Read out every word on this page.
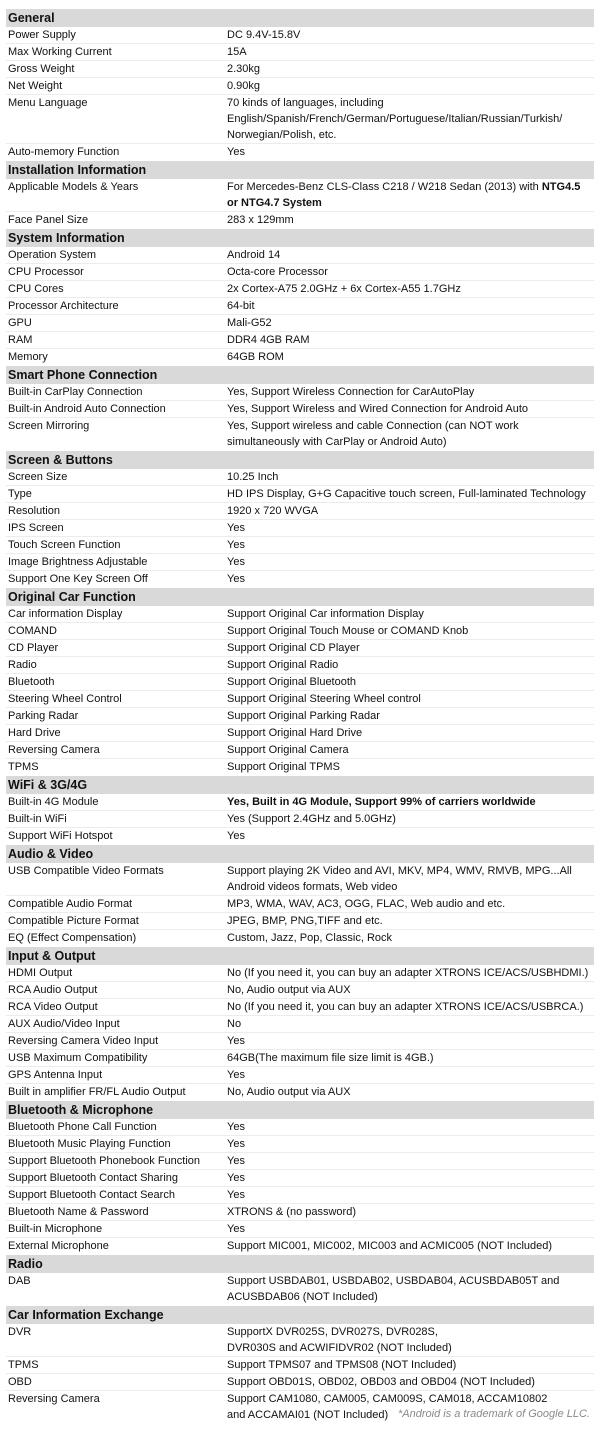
General
Power Supply	DC 9.4V-15.8V
Max Working Current	15A
Gross Weight	2.30kg
Net Weight	0.90kg
Menu Language	70 kinds of languages, including
English/Spanish/French/German/Portuguese/Italian/Russian/Turkish/
Norwegian/Polish, etc.

Auto-memory Function	Yes
Installation Information
Applicable Models & Years	For Mercedes-Benz CLS-Class C218 / W218 Sedan (2013) with NTG4.5 or NTG4.7 System
Face Panel Size	283 x 129mm
System Information
Operation System	Android 14
CPU Processor	Octa-core Processor
CPU Cores	2x Cortex-A75 2.0GHz + 6x Cortex-A55 1.7GHz
Processor Architecture	64-bit
GPU	Mali-G52
RAM	DDR4 4GB RAM
Memory	64GB ROM
Smart Phone Connection
Built-in CarPlay Connection	Yes, Support Wireless Connection for CarAutoPlay
Built-in Android Auto Connection	Yes, Support Wireless and Wired Connection for Android Auto
Screen Mirroring	Yes, Support wireless and cable Connection (can NOT work
simultaneously with CarPlay or Android Auto)
Screen & Buttons
Screen Size	10.25 Inch
Type	HD IPS Display, G+G Capacitive touch screen, Full-laminated Technology
Resolution	1920 x 720 WVGA
IPS Screen	Yes
Touch Screen Function	Yes
Image Brightness Adjustable	Yes
Support One Key Screen Off	Yes
Original Car Function
Car information Display	Support Original Car information Display
COMAND	Support Original Touch Mouse or COMAND Knob
CD Player	Support Original CD Player
Radio	Support Original Radio
Bluetooth	Support Original Bluetooth
Steering Wheel Control	Support Original Steering Wheel control
Parking Radar	Support Original Parking Radar
Hard Drive	Support Original Hard Drive
Reversing Camera	Support Original Camera
TPMS	Support Original TPMS
WiFi & 3G/4G
Built-in 4G Module	Yes, Built in 4G Module, Support 99% of carriers worldwide
Built-in WiFi	Yes (Support 2.4GHz and 5.0GHz)
Support WiFi Hotspot	Yes
Audio & Video
USB Compatible Video Formats	Support playing 2K Video and AVI, MKV, MP4, WMV, RMVB, MPG...All
Android videos formats, Web video
Compatible Audio Format	MP3, WMA, WAV, AC3, OGG, FLAC, Web audio and etc.
Compatible Picture Format	JPEG, BMP, PNG,TIFF and etc.
EQ (Effect Compensation)	Custom, Jazz, Pop, Classic, Rock
Input & Output
HDMI Output	No (If you need it, you can buy an adapter XTRONS ICE/ACS/USBHDMI.)
RCA Audio Output	No, Audio output via AUX
RCA Video Output	No (If you need it, you can buy an adapter XTRONS ICE/ACS/USBRCA.)
AUX Audio/Video Input	No
Reversing Camera Video Input	Yes
USB Maximum Compatibility	64GB(The maximum file size limit is 4GB.)
GPS Antenna Input	Yes
Built in amplifier FR/FL Audio Output	No, Audio output via AUX
Bluetooth & Microphone
Bluetooth Phone Call Function	Yes
Bluetooth Music Playing Function	Yes
Support Bluetooth Phonebook Function	Yes
Support Bluetooth Contact Sharing	Yes
Support Bluetooth Contact Search	Yes
Bluetooth Name & Password	XTRONS & (no password)
Built-in Microphone	Yes
External Microphone	Support MIC001, MIC002, MIC003 and ACMIC005 (NOT Included)
Radio
DAB	Support USBDAB01, USBDAB02, USBDAB04, ACUSBDAB05T and
ACUSBDAB06 (NOT Included)

Car Information Exchange
DVR	SupportX DVR025S, DVR027S, DVR028S,
DVR030S and ACWIFIDVR02 (NOT Included)
TPMS	Support TPMS07 and TPMS08 (NOT Included)
OBD	Support OBD01S, OBD02, OBD03 and OBD04 (NOT Included)
Reversing Camera	Support CAM1080, CAM005, CAM009S, CAM018, ACCAM10802
and ACCAMAI01 (NOT Included) *Android is a trademark of Google LLC.
